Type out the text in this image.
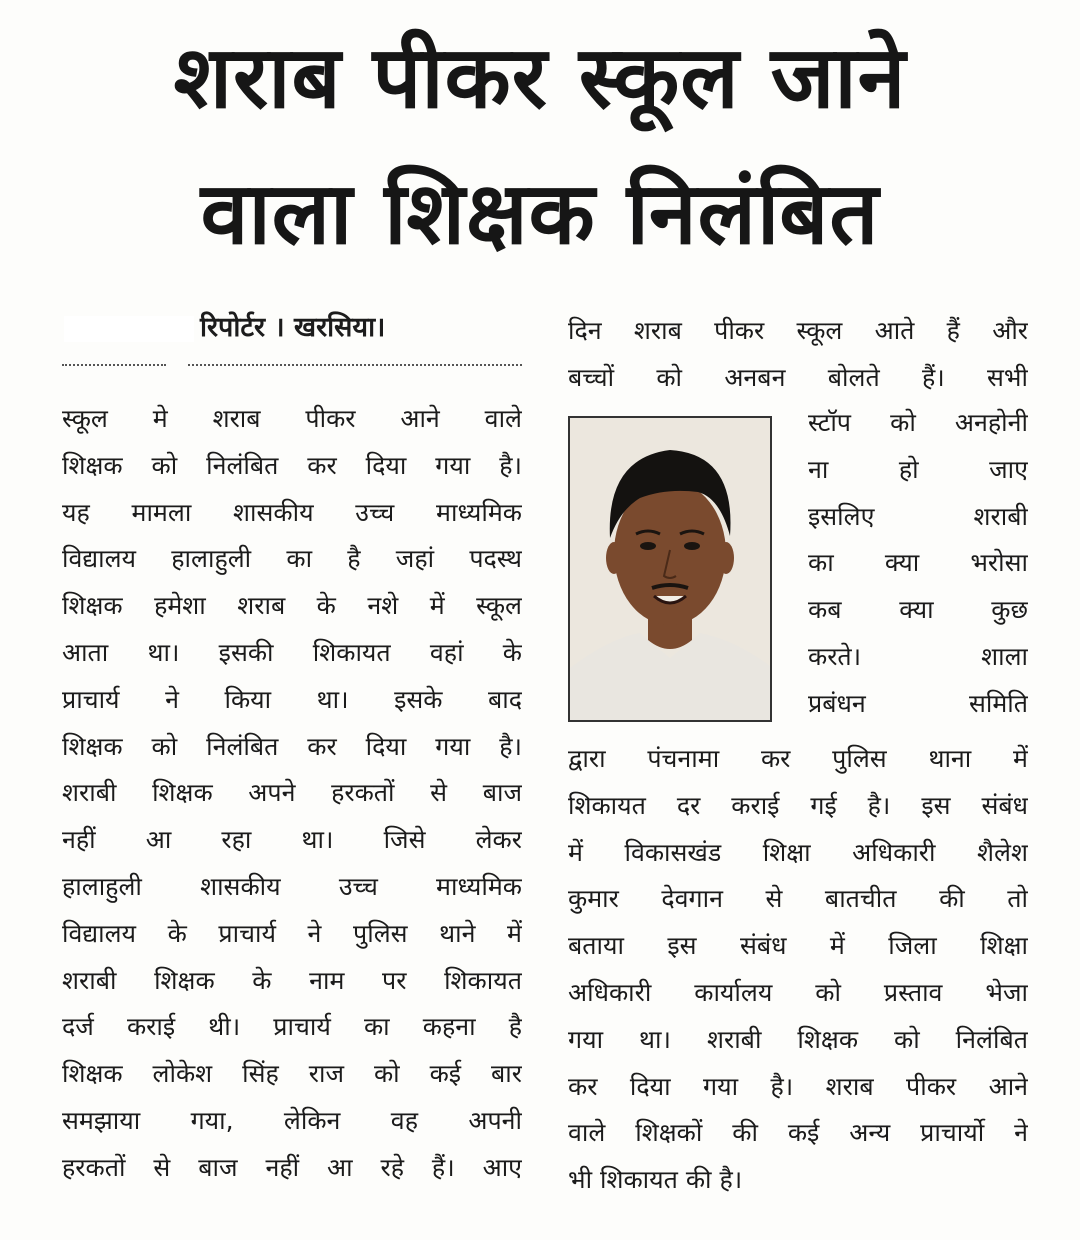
शराब पीकर स्कूल जाने
वाला शिक्षक निलंबित
रिपोर्टर । खरसिया।
स्कूल मे शराब पीकर आने वाले
शिक्षक को निलंबित कर दिया गया है।
यह मामला शासकीय उच्च माध्यमिक
विद्यालय हालाहुली का है जहां पदस्थ
शिक्षक हमेशा शराब के नशे में स्कूल
आता था। इसकी शिकायत वहां के
प्राचार्य ने किया था। इसके बाद
शिक्षक को निलंबित कर दिया गया है।
शराबी शिक्षक अपने हरकतों से बाज
नहीं आ रहा था। जिसे लेकर
हालाहुली शासकीय उच्च माध्यमिक
विद्यालय के प्राचार्य ने पुलिस थाने में
शराबी शिक्षक के नाम पर शिकायत
दर्ज कराई थी। प्राचार्य का कहना है
शिक्षक लोकेश सिंह राज को कई बार
समझाया गया, लेकिन वह अपनी
हरकतों से बाज नहीं आ रहे हैं। आए
दिन शराब पीकर स्कूल आते हैं और
बच्चों को अनबन बोलते हैं। सभी
स्टॉप को अनहोनी
ना हो जाए
इसलिए शराबी
का क्या भरोसा
कब क्या कुछ
करते। शाला
प्रबंधन समिति
द्वारा पंचनामा कर पुलिस थाना में
शिकायत दर कराई गई है। इस संबंध
में विकासखंड शिक्षा अधिकारी शैलेश
कुमार देवगान से बातचीत की तो
बताया इस संबंध में जिला शिक्षा
अधिकारी कार्यालय को प्रस्ताव भेजा
गया था। शराबी शिक्षक को निलंबित
कर दिया गया है। शराब पीकर आने
वाले शिक्षकों की कई अन्य प्राचार्यो ने
भी शिकायत की है।
